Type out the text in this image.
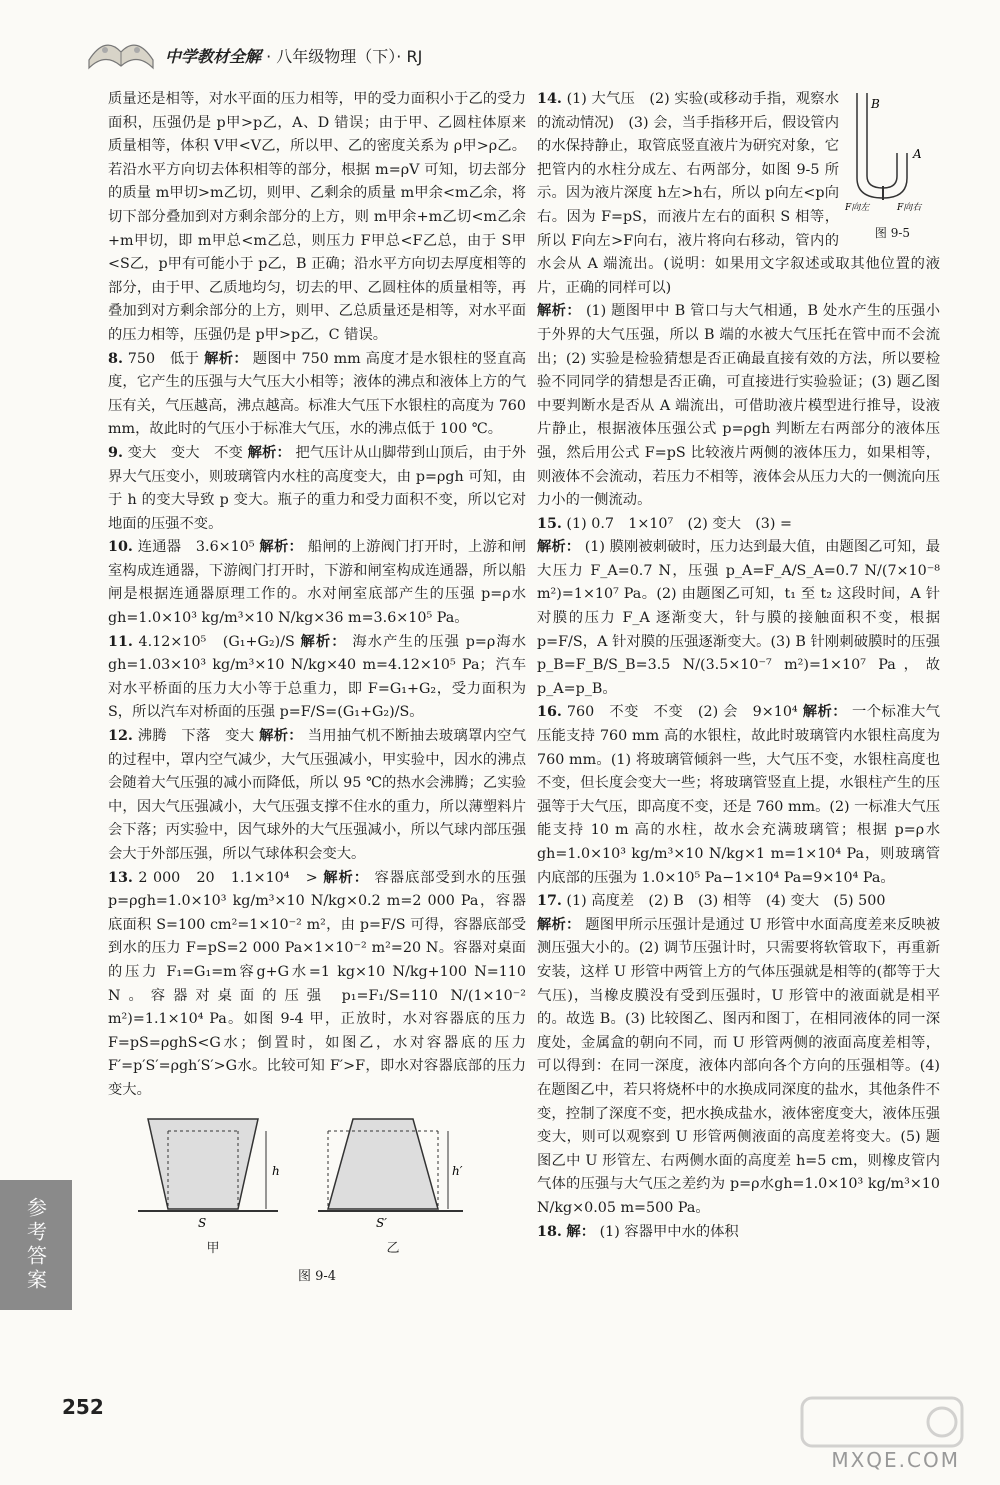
中学教材全解 · 八年级物理（下）· RJ

质量还是相等，对水平面的压力相等，甲的受力面积小于乙的受力面积，压强仍是 p甲>p乙，A、D 错误；由于甲、乙圆柱体原来质量相等，体积 V甲<V乙，所以甲、乙的密度关系为 ρ甲>ρ乙。若沿水平方向切去体积相等的部分，根据 m=ρV 可知，切去部分的质量 m甲切>m乙切，则甲、乙剩余的质量 m甲余<m乙余，将切下部分叠加到对方剩余部分的上方，则 m甲余+m乙切<m乙余+m甲切，即 m甲总<m乙总，则压力 F甲总<F乙总，由于 S甲<S乙，p甲有可能小于 p乙，B 正确；沿水平方向切去厚度相等的部分，由于甲、乙质地均匀，切去的甲、乙圆柱体的质量相等，再叠加到对方剩余部分的上方，则甲、乙总质量还是相等，对水平面的压力相等，压强仍是 p甲>p乙，C 错误。

8. 750　低于 解析： 题图中 750 mm 高度才是水银柱的竖直高度，它产生的压强与大气压大小相等；液体的沸点和液体上方的气压有关，气压越高，沸点越高。标准大气压下水银柱的高度为 760 mm，故此时的气压小于标准大气压，水的沸点低于 100 ℃。

9. 变大　变大　不变 解析： 把气压计从山脚带到山顶后，由于外界大气压变小，则玻璃管内水柱的高度变大，由 p=ρgh 可知，由于 h 的变大导致 p 变大。瓶子的重力和受力面积不变，所以它对地面的压强不变。

10. 连通器　3.6×10⁵ 解析： 船闸的上游阀门打开时，上游和闸室构成连通器，下游阀门打开时，下游和闸室构成连通器，所以船闸是根据连通器原理工作的。水对闸室底部产生的压强 p=ρ水gh=1.0×10³ kg/m³×10 N/kg×36 m=3.6×10⁵ Pa。

11. 4.12×10⁵　(G₁+G₂)/S 解析： 海水产生的压强 p=ρ海水gh=1.03×10³ kg/m³×10 N/kg×40 m=4.12×10⁵ Pa；汽车对水平桥面的压力大小等于总重力，即 F=G₁+G₂，受力面积为 S，所以汽车对桥面的压强 p=F/S=(G₁+G₂)/S。

12. 沸腾　下落　变大 解析： 当用抽气机不断抽去玻璃罩内空气的过程中，罩内空气减少，大气压强减小，甲实验中，因水的沸点会随着大气压强的减小而降低，所以 95 ℃的热水会沸腾；乙实验中，因大气压强减小，大气压强支撑不住水的重力，所以薄塑料片会下落；丙实验中，因气球外的大气压强减小，所以气球内部压强会大于外部压强，所以气球体积会变大。

13. 2 000　20　1.1×10⁴　> 解析： 容器底部受到水的压强 p=ρgh=1.0×10³ kg/m³×10 N/kg×0.2 m=2 000 Pa，容器底面积 S=100 cm²=1×10⁻² m²，由 p=F/S 可得，容器底部受到水的压力 F=pS=2 000 Pa×1×10⁻² m²=20 N。容器对桌面的压力 F₁=G₁=m容g+G水=1 kg×10 N/kg+100 N=110 N。容器对桌面的压强 p₁=F₁/S=110 N/(1×10⁻² m²)=1.1×10⁴ Pa。如图 9-4 甲，正放时，水对容器底的压力 F=pS=ρghS<G水；倒置时，如图乙，水对容器底的压力 F′=p′S′=ρgh′S′>G水。比较可知 F′>F，即水对容器底部的压力变大。

h
S
甲
h′
S′
乙
图 9-4
B
A
F向左	F向右
图 9-5

14. (1) 大气压　(2) 实验(或移动手指，观察水的流动情况)　(3) 会，当手指移开后，假设管内的水保持静止，取管底竖直液片为研究对象，它把管内的水柱分成左、右两部分，如图 9-5 所示。因为液片深度 h左>h右，所以 p向左<p向右。因为 F=pS，而液片左右的面积 S 相等，所以 F向左>F向右，液片将向右移动，管内的水会从 A 端流出。(说明：如果用文字叙述或取其他位置的液片，正确的同样可以)

解析： (1) 题图甲中 B 管口与大气相通，B 处水产生的压强小于外界的大气压强，所以 B 端的水被大气压托在管中而不会流出；(2) 实验是检验猜想是否正确最直接有效的方法，所以要检验不同同学的猜想是否正确，可直接进行实验验证；(3) 题乙图中要判断水是否从 A 端流出，可借助液片模型进行推导，设液片静止，根据液体压强公式 p=ρgh 判断左右两部分的液体压强，然后用公式 F=pS 比较液片两侧的液体压力，如果相等，则液体不会流动，若压力不相等，液体会从压力大的一侧流向压力小的一侧流动。

15. (1) 0.7　1×10⁷　(2) 变大　(3) =

解析： (1) 膜刚被刺破时，压力达到最大值，由题图乙可知，最大压力 F_A=0.7 N，压强 p_A=F_A/S_A=0.7 N/(7×10⁻⁸ m²)=1×10⁷ Pa。(2) 由题图乙可知，t₁ 至 t₂ 这段时间，A 针对膜的压力 F_A 逐渐变大，针与膜的接触面积不变，根据 p=F/S，A 针对膜的压强逐渐变大。(3) B 针刚刺破膜时的压强 p_B=F_B/S_B=3.5 N/(3.5×10⁻⁷ m²)=1×10⁷ Pa，故 p_A=p_B。

16. 760　不变　不变　(2) 会　9×10⁴ 解析： 一个标准大气压能支持 760 mm 高的水银柱，故此时玻璃管内水银柱高度为 760 mm。(1) 将玻璃管倾斜一些，大气压不变，水银柱高度也不变，但长度会变大一些；将玻璃管竖直上提，水银柱产生的压强等于大气压，即高度不变，还是 760 mm。(2) 一标准大气压能支持 10 m 高的水柱，故水会充满玻璃管；根据 p=ρ水gh=1.0×10³ kg/m³×10 N/kg×1 m=1×10⁴ Pa，则玻璃管内底部的压强为 1.0×10⁵ Pa−1×10⁴ Pa=9×10⁴ Pa。

17. (1) 高度差　(2) B　(3) 相等　(4) 变大　(5) 500

解析： 题图甲所示压强计是通过 U 形管中水面高度差来反映被测压强大小的。(2) 调节压强计时，只需要将软管取下，再重新安装，这样 U 形管中两管上方的气体压强就是相等的(都等于大气压)，当橡皮膜没有受到压强时，U 形管中的液面就是相平的。故选 B。(3) 比较图乙、图丙和图丁，在相同液体的同一深度处，金属盒的朝向不同，而 U 形管两侧的液面高度差相等，可以得到：在同一深度，液体内部向各个方向的压强相等。(4) 在题图乙中，若只将烧杯中的水换成同深度的盐水，其他条件不变，控制了深度不变，把水换成盐水，液体密度变大，液体压强变大，则可以观察到 U 形管两侧液面的高度差将变大。(5) 题图乙中 U 形管左、右两侧水面的高度差 h=5 cm，则橡皮管内气体的压强与大气压之差约为 p=ρ水gh=1.0×10³ kg/m³×10 N/kg×0.05 m=500 Pa。

18. 解： (1) 容器甲中水的体积

参考答案
252
MXQE.COM
